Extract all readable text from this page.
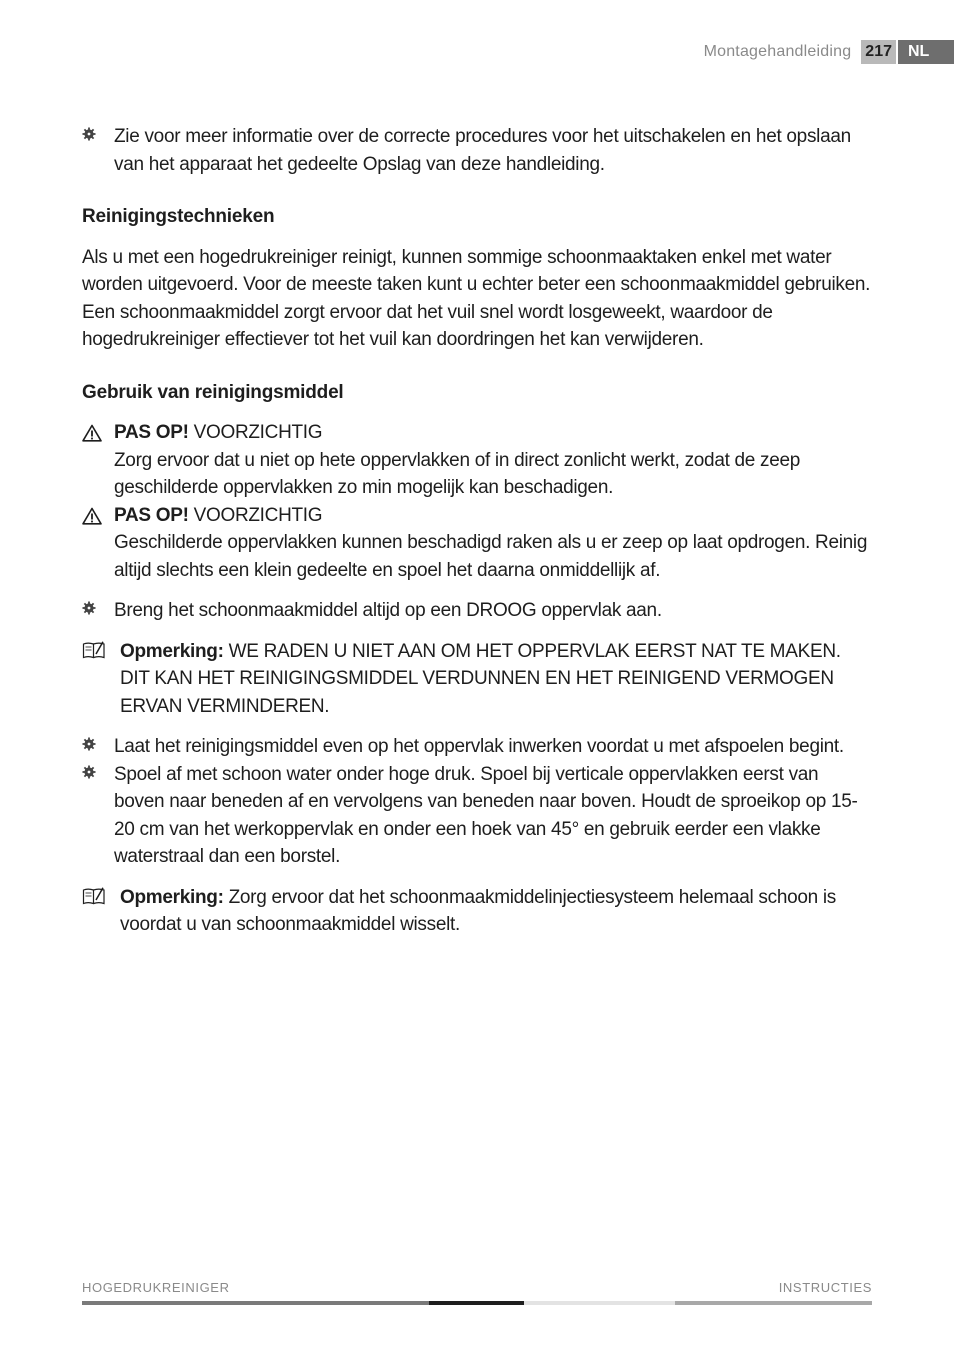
Montagehandleiding 217	NL
Zie voor meer informatie over de correcte procedures voor het uitschakelen en het opslaan van het apparaat het gedeelte Opslag van deze handleiding.
Reinigingstechnieken

Als u met een hogedrukreiniger reinigt, kunnen sommige schoonmaaktaken enkel met water worden uitgevoerd. Voor de meeste taken kunt u echter beter een schoonmaakmiddel gebruiken. Een schoonmaakmiddel zorgt ervoor dat het vuil snel wordt losgeweekt, waardoor de hogedrukreiniger effectiever tot het vuil kan doordringen het kan verwijderen.

Gebruik van reinigingsmiddel
PAS OP! VOORZICHTIG
Zorg ervoor dat u niet op hete oppervlakken of in direct zonlicht werkt, zodat de zeep geschilderde oppervlakken zo min mogelijk kan beschadigen.
PAS OP! VOORZICHTIG
Geschilderde oppervlakken kunnen beschadigd raken als u er zeep op laat opdrogen. Reinig altijd slechts een klein gedeelte en spoel het daarna onmiddellijk af.
Breng het schoonmaakmiddel altijd op een DROOG oppervlak aan.
Opmerking: WE RADEN U NIET AAN OM HET OPPERVLAK EERST NAT TE MAKEN. DIT KAN HET REINIGINGSMIDDEL VERDUNNEN EN HET REINIGEND VERMOGEN ERVAN VERMINDEREN.
Laat het reinigingsmiddel even op het oppervlak inwerken voordat u met afspoelen begint.
Spoel af met schoon water onder hoge druk. Spoel bij verticale oppervlakken eerst van boven naar beneden af en vervolgens van beneden naar boven. Houdt de sproeikop op 15-20 cm van het werkoppervlak en onder een hoek van 45° en gebruik eerder een vlakke waterstraal dan een borstel.
Opmerking: Zorg ervoor dat het schoonmaakmiddelinjectiesysteem helemaal schoon is voordat u van schoonmaakmiddel wisselt.
HOGEDRUKREINIGER	INSTRUCTIES
